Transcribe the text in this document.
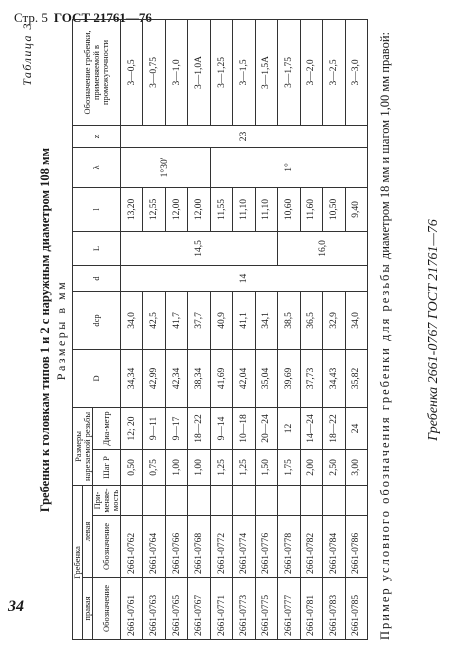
Стр. 5 ГОСТ 21761—76
34
Таблица 3
Гребенки к головкам типов 1 и 2 с наружным диаметром 108 мм Размеры в мм
Гребенка			Размеры нарезаемой резьбы		D	dср	d	L	l	λ	z	Обозначение гребенки, применяемой в промежуточности
правая	левая											
Обозначение	Обозначение	При-меняе-мость	Шаг P	Диа-метр								
2661-0761	2661-0762		0,50	12; 20	34,34	34,0	14	14,5	13,20	1°30'	23	3—0,5
2661-0763	2661-0764		0,75	9—11	42,99	42,5			12,55			3—0,75
2661-0765	2661-0766		1,00	9—17	42,34	41,7			12,00			3—1,0
2661-0767	2661-0768		1,00	18—22	38,34	37,7			12,00			3—1,0А
2661-0771	2661-0772		1,25	9—14	41,69	40,9			11,55	1°		3—1,25
2661-0773	2661-0774		1,25	10—18	42,04	41,1			11,10			3—1,5
2661-0775	2661-0776		1,50	20—24	35,04	34,1			11,10			3—1,5А
2661-0777	2661-0778		1,75	12	39,69	38,5		16,0	10,60			3—1,75
2661-0781	2661-0782		2,00	14—24	37,73	36,5			11,60			3—2,0
2661-0783	2661-0784		2,50	18—22	34,43	32,9			10,50			3—2,5
2661-0785	2661-0786		3,00	24	35,82	34,0			9,40			3—3,0
Пример условного обозначения гребенки для резьбы диаметром 18 мм и шагом 1,00 мм правой:
Гребенка 2661-0767 ГОСТ 21761—76
